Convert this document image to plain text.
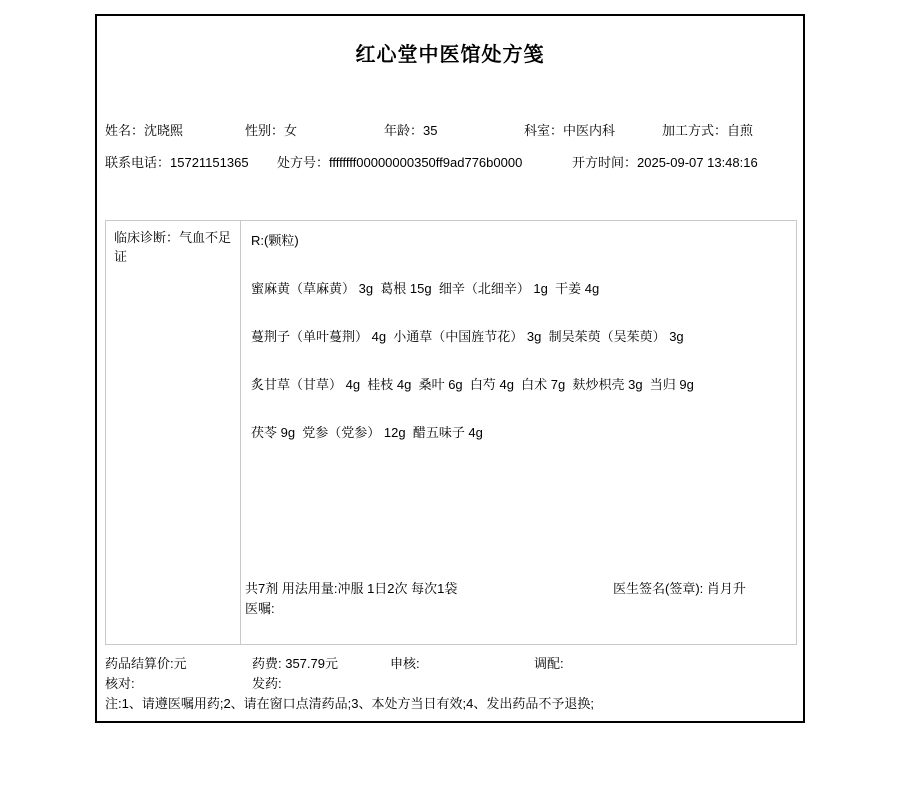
红心堂中医馆处方笺
姓名：沈晓熙	性别：女	年龄：35	科室：中医内科	加工方式：自煎
联系电话：15721151365 处方号：ffffffff00000000350ff9ad776b0000	开方时间：2025-09-07 13:48:16
临床诊断：气血不足证
R:(颗粒)
蜜麻黄（草麻黄） 3g  葛根 15g  细辛（北细辛） 1g  干姜 4g
蔓荆子（单叶蔓荆） 4g  小通草（中国旌节花） 3g  制吴茱萸（吴茱萸） 3g
炙甘草（甘草） 4g  桂枝 4g  桑叶 6g  白芍 4g  白术 7g  麸炒枳壳 3g  当归 9g
茯苓 9g  党参（党参） 12g  醋五味子 4g
共7剂 用法用量:冲服 1日2次 每次1袋
医嘱:
医生签名(签章): 肖月升
药品结算价:元	药费: 357.79元	申核:	调配:
核对:	发药:
注:1、请遵医嘱用药;2、请在窗口点清药品;3、本处方当日有效;4、发出药品不予退换;
